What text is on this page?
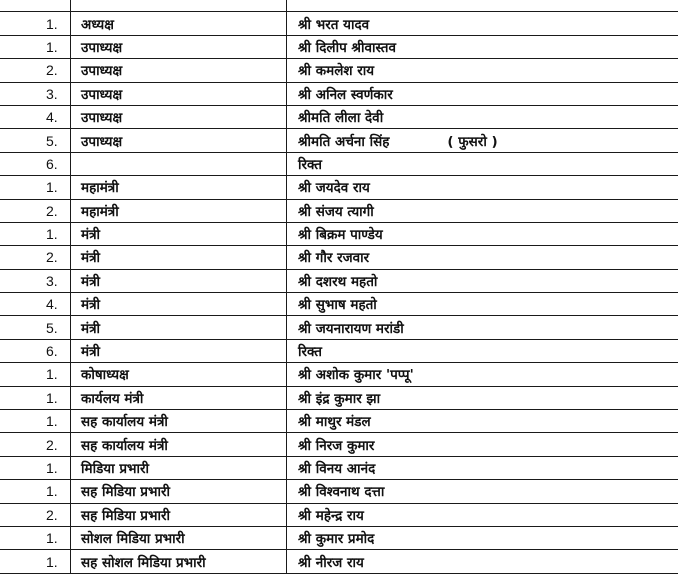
1.	अध्यक्ष	श्री भरत यादव
1.	उपाध्यक्ष	श्री दिलीप श्रीवास्तव
2.	उपाध्यक्ष	श्री कमलेश राय
3.	उपाध्यक्ष	श्री अनिल स्वर्णकार
4.	उपाध्यक्ष	श्रीमति लीला देवी
5.	उपाध्यक्ष	श्रीमति अर्चना सिंह ( फुसरो )
6.		रिक्त
1.	महामंत्री	श्री जयदेव राय
2.	महामंत्री	श्री संजय त्यागी
1.	मंत्री	श्री बिक्रम पाण्डेय
2.	मंत्री	श्री गौर रजवार
3.	मंत्री	श्री दशरथ महतो
4.	मंत्री	श्री सुभाष महतो
5.	मंत्री	श्री जयनारायण मरांडी
6.	मंत्री	रिक्त
1.	कोषाध्यक्ष	श्री अशोक कुमार 'पप्पू'
1.	कार्यलय मंत्री	श्री इंद्र कुमार झा
1.	सह कार्यालय मंत्री	श्री माथुर मंडल
2.	सह कार्यालय मंत्री	श्री निरज कुमार
1.	मिडिया प्रभारी	श्री विनय आनंद
1.	सह मिडिया प्रभारी	श्री विश्वनाथ दत्ता
2.	सह मिडिया प्रभारी	श्री महेन्द्र राय
1.	सोशल मिडिया प्रभारी	श्री कुमार प्रमोद
1.	सह सोशल मिडिया प्रभारी	श्री नीरज राय
